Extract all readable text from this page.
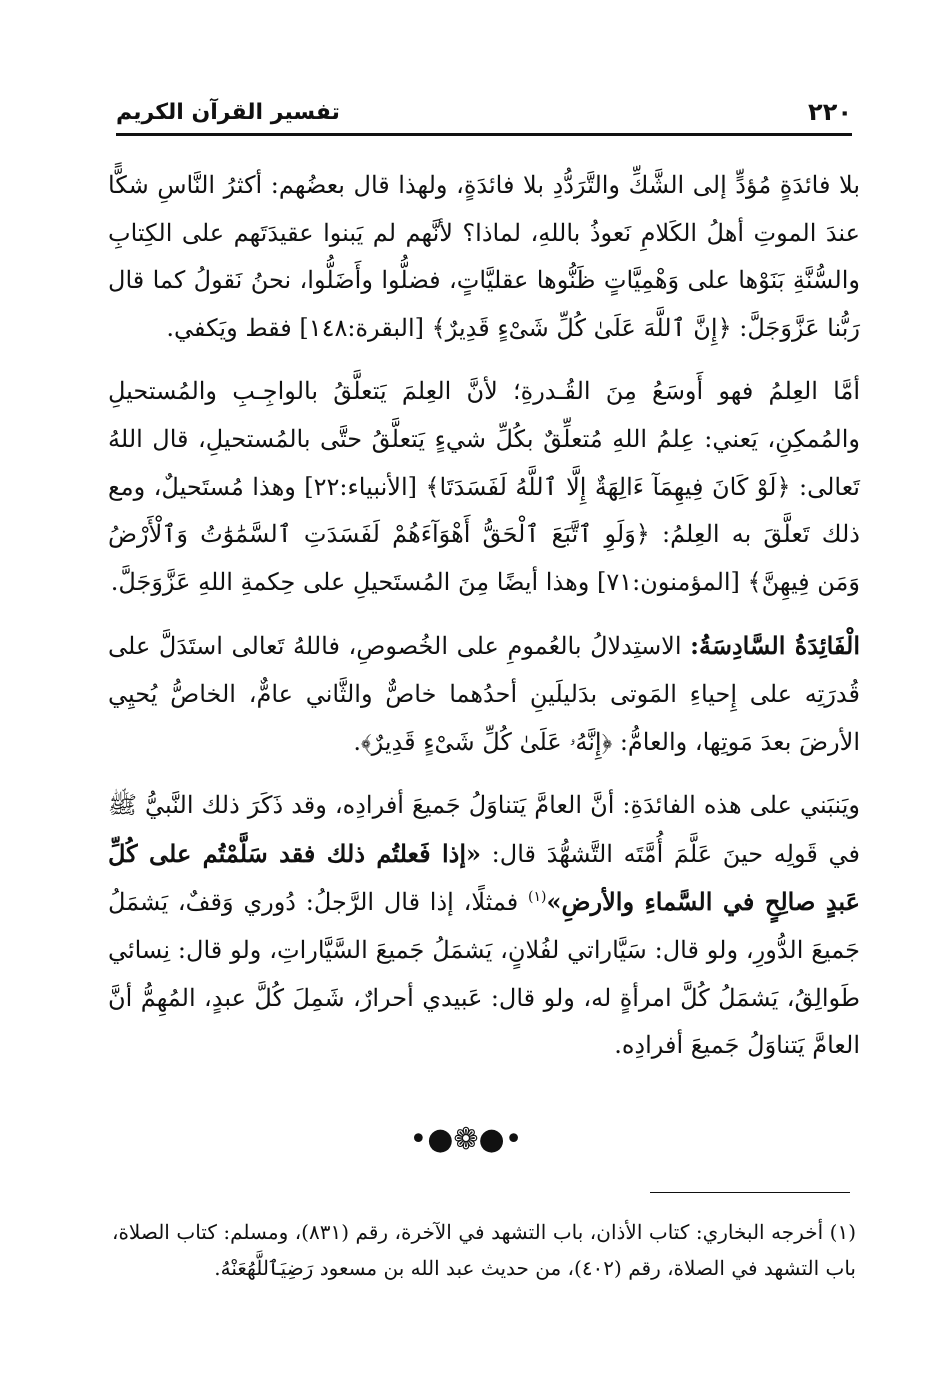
تفسير القرآن الكريم	٢٢٠

بلا فائدَةٍ مُؤدٍّ إلى الشَّكِّ والتَّرَدُّدِ بلا فائدَةٍ، ولهذا قال بعضُهم: أكثرُ النَّاسِ شكًّا عندَ الموتِ أهلُ الكَلامِ نَعوذُ باللهِ، لماذا؟ لأنَّهم لم يَبنوا عقيدَتَهم على الكِتابِ والسُّنَّةِ بَنَوْها على وَهْمِيَّاتٍ ظَنُّوها عقليَّاتٍ، فضلُّوا وأَضَلُّوا، نحنُ نَقولُ كما قال رَبُّنا عَزَّوَجَلَّ: ﴿إِنَّ ٱللَّهَ عَلَىٰ كُلِّ شَىْءٍ قَدِيرٌ﴾ [البقرة:١٤٨] فقط ويَكفي.

أمَّا العِلمُ فهو أَوسَعُ مِنَ القُـدرةِ؛ لأنَّ العِلمَ يَتعلَّقُ بالواجِـبِ والمُستحيلِ والمُمكِنِ، يَعني: عِلمُ اللهِ مُتعلِّقٌ بكُلِّ شيءٍ يَتعلَّقُ حتَّى بالمُستحيلِ، قال اللهُ تَعالى: ﴿لَوْ كَانَ فِيهِمَآ ءَالِهَةٌ إِلَّا ٱللَّهُ لَفَسَدَتَا﴾ [الأنبياء:٢٢] وهذا مُستَحيلٌ، ومع ذلك تَعلَّقَ به العِلمُ: ﴿وَلَوِ ٱتَّبَعَ ٱلْحَقُّ أَهْوَآءَهُمْ لَفَسَدَتِ ٱلسَّمَٰوَٰتُ وَٱلْأَرْضُ وَمَن فِيهِنَّ﴾ [المؤمنون:٧١] وهذا أيضًا مِنَ المُستَحيلِ على حِكمةِ اللهِ عَزَّوَجَلَّ.

الْفَائِدَةُ السَّادِسَةُ: الاستِدلالُ بالعُمومِ على الخُصوصِ، فاللهُ تَعالى استَدَلَّ على قُدرَتِه على إِحياءِ المَوتى بدَليلَينِ أحدُهما خاصٌّ والثَّاني عامٌّ، الخاصُّ يُحيِي الأرضَ بعدَ مَوتِها، والعامُّ: ﴿إِنَّهُۥ عَلَىٰ كُلِّ شَىْءٍ قَدِيرٌ﴾.

ويَنبَني على هذه الفائدَةِ: أنَّ العامَّ يَتناوَلُ جَميعَ أفرادِه، وقد ذَكَرَ ذلك النَّبيُّ ﷺ في قَولِه حينَ عَلَّمَ أُمَّتَه التَّشهُّدَ قال: «إذا فَعلتُم ذلك فقد سَلَّمْتُم على كُلِّ عَبدٍ صالِحٍ في السَّماءِ والأرضِ»$^{(١)}$ فمثلًا، إذا قال الرَّجلُ: دُوري وَقفٌ، يَشمَلُ جَميعَ الدُّورِ، ولو قال: سَيَّاراتي لفُلانٍ، يَشمَلُ جَميعَ السَّيَّاراتِ، ولو قال: نِسائي طَوالِقُ، يَشمَلُ كُلَّ امرأةٍ له، ولو قال: عَبيدي أحرارٌ، شَمِلَ كُلَّ عبدٍ، المُهِمُّ أنَّ العامَّ يَتناوَلُ جَميعَ أفرادِه.

•●❁●•

(١) أخرجه البخاري: كتاب الأذان، باب التشهد في الآخرة، رقم (٨٣١)، ومسلم: كتاب الصلاة، باب التشهد في الصلاة، رقم (٤٠٢)، من حديث عبد الله بن مسعود رَضِيَٱللَّهُعَنْهُ.
